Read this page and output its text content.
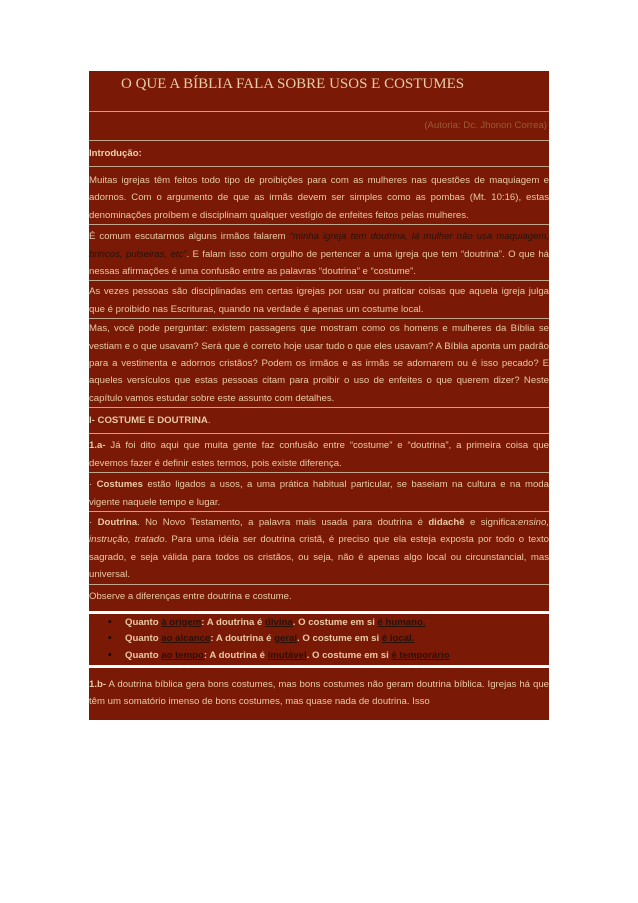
O QUE A BÍBLIA FALA SOBRE USOS E COSTUMES
(Autoria: Dc. Jhonon Correa)
Introdução:
Muitas igrejas têm feitos todo tipo de proibições para com as mulheres nas questões de maquiagem e adornos. Com o argumento de que as irmãs devem ser simples como as pombas (Mt. 10:16), estas denominações proíbem e disciplinam qualquer vestígio de enfeites feitos pelas mulheres.
É comum escutarmos alguns irmãos falarem “minha igreja tem doutrina, lá mulher não usa maquiagem, brincos, pulseiras, etc”. E falam isso com orgulho de pertencer a uma igreja que tem “doutrina”. O que há nessas afirmações é uma confusão entre as palavras “doutrina” e “costume”.
As vezes pessoas são disciplinadas em certas igrejas por usar ou praticar coisas que aquela igreja julga que é proibido nas Escrituras, quando na verdade é apenas um costume local.
Mas, você pode perguntar: existem passagens que mostram como os homens e mulheres da Bíblia se vestiam e o que usavam? Será que é correto hoje usar tudo o que eles usavam? A Bíblia aponta um padrão para a vestimenta e adornos cristãos? Podem os irmãos e as irmãs se adornarem ou é isso pecado? E aqueles versículos que estas pessoas citam para proibir o uso de enfeites o que querem dizer? Neste capítulo vamos estudar sobre este assunto com detalhes.
I- COSTUME E DOUTRINA.
1.a- Já foi dito aqui que muita gente faz confusão entre “costume” e “doutrina”, a primeira coisa que devemos fazer é definir estes termos, pois existe diferença.
· Costumes estão ligados a usos, a uma prática habitual particular, se baseiam na cultura e na moda vigente naquele tempo e lugar.
· Doutrina. No Novo Testamento, a palavra mais usada para doutrina é didachê e significa:ensino, instrução, tratado. Para uma idéia ser doutrina cristã, é preciso que ela esteja exposta por todo o texto sagrado, e seja válida para todos os cristãos, ou seja, não é apenas algo local ou circunstancial, mas universal.
Observe a diferenças entre doutrina e costume.
• Quanto à origem: A doutrina é divina. O costume em si é humano.
• Quanto ao alcance: A doutrina é geral. O costume em si é local.
• Quanto ao tempo: A doutrina é imutável. O costume em si é temporário
1.b- A doutrina bíblica gera bons costumes, mas bons costumes não geram doutrina bíblica. Igrejas há que têm um somatório imenso de bons costumes, mas quase nada de doutrina. Isso
